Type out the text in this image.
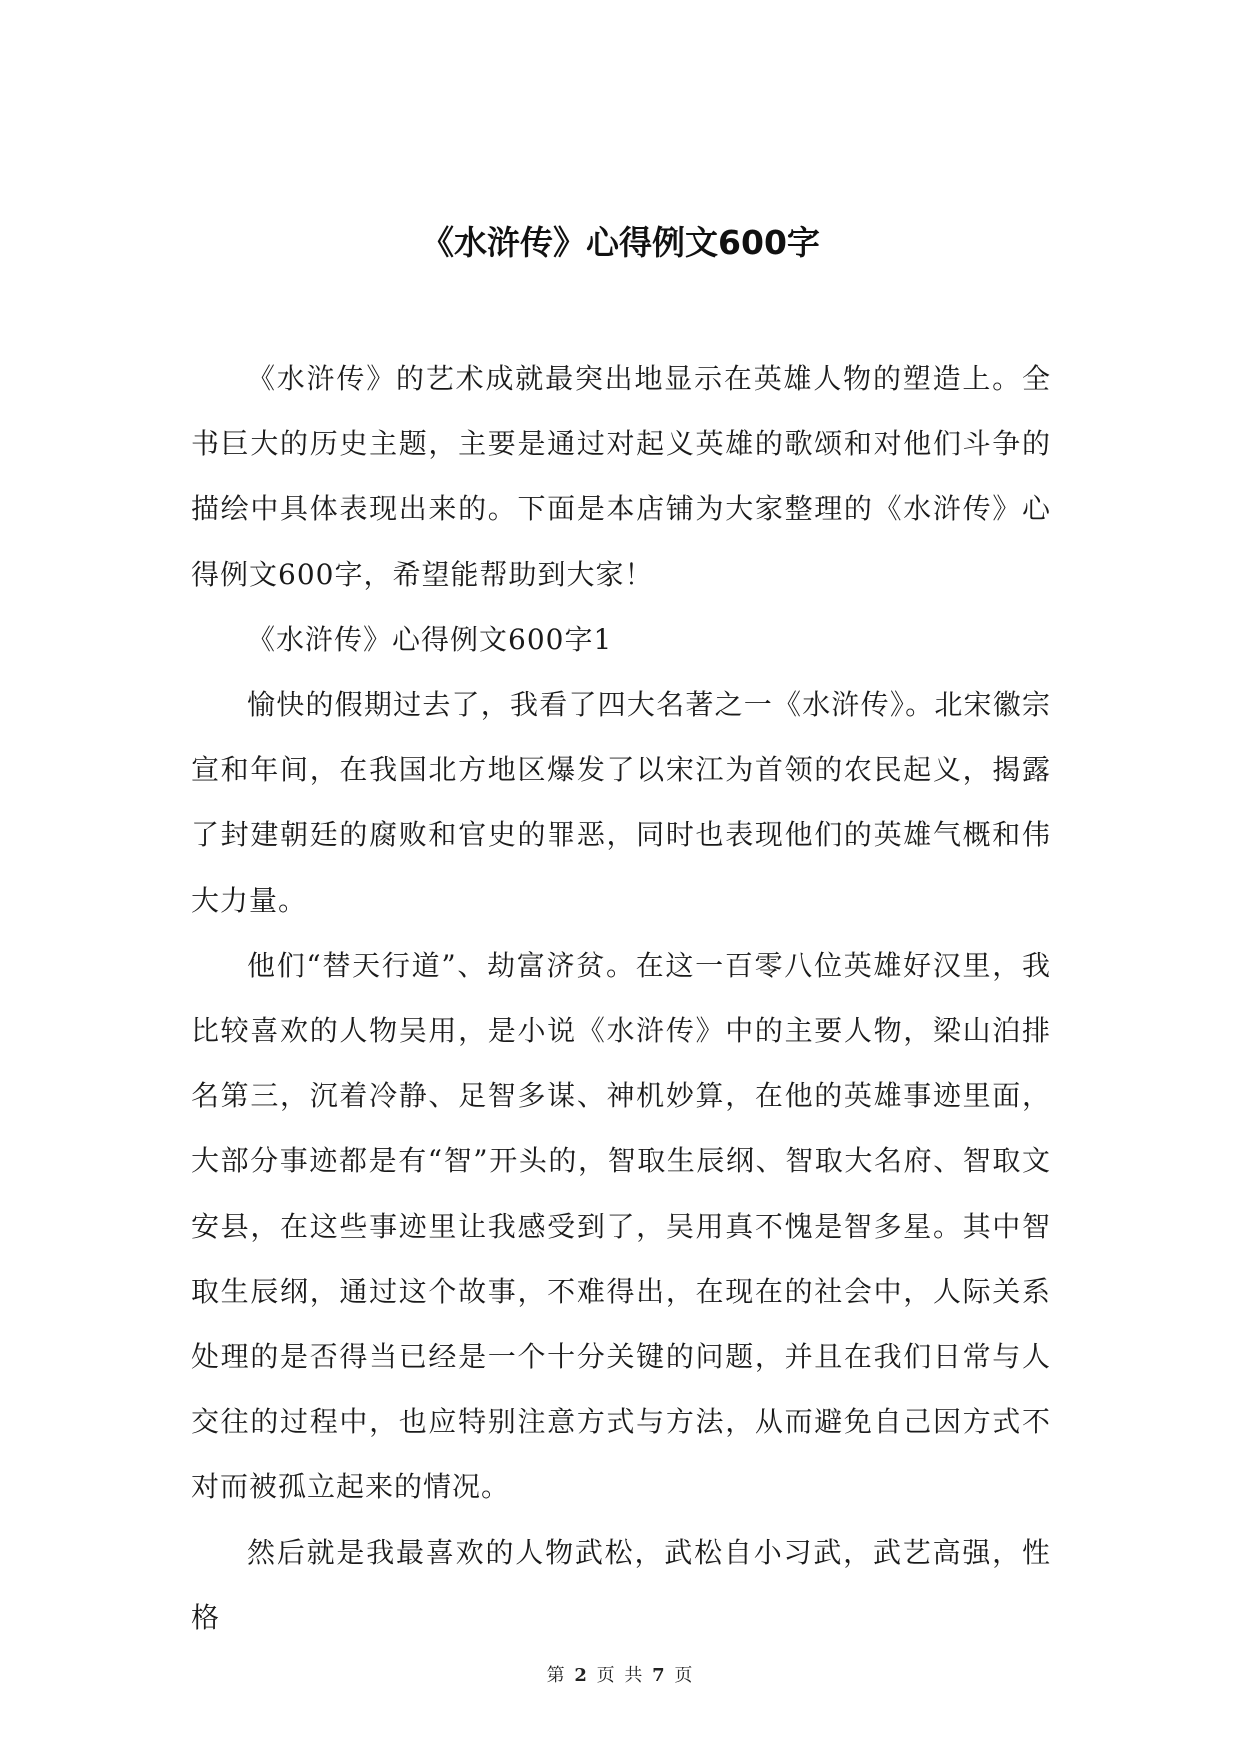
《水浒传》心得例文600字

《水浒传》的艺术成就最突出地显示在英雄人物的塑造上。全书巨大的历史主题，主要是通过对起义英雄的歌颂和对他们斗争的描绘中具体表现出来的。下面是本店铺为大家整理的《水浒传》心得例文600字，希望能帮助到大家！

《水浒传》心得例文600字1

愉快的假期过去了，我看了四大名著之一《水浒传》。北宋徽宗宣和年间，在我国北方地区爆发了以宋江为首领的农民起义，揭露了封建朝廷的腐败和官史的罪恶，同时也表现他们的英雄气概和伟大力量。

他们“替天行道”、劫富济贫。在这一百零八位英雄好汉里，我比较喜欢的人物吴用，是小说《水浒传》中的主要人物，梁山泊排名第三，沉着冷静、足智多谋、神机妙算，在他的英雄事迹里面，大部分事迹都是有“智”开头的，智取生辰纲、智取大名府、智取文安县，在这些事迹里让我感受到了，吴用真不愧是智多星。其中智取生辰纲，通过这个故事，不难得出，在现在的社会中，人际关系处理的是否得当已经是一个十分关键的问题，并且在我们日常与人交往的过程中，也应特别注意方式与方法，从而避免自己因方式不对而被孤立起来的情况。

然后就是我最喜欢的人物武松，武松自小习武，武艺高强，性格

第 2 页 共 7 页
